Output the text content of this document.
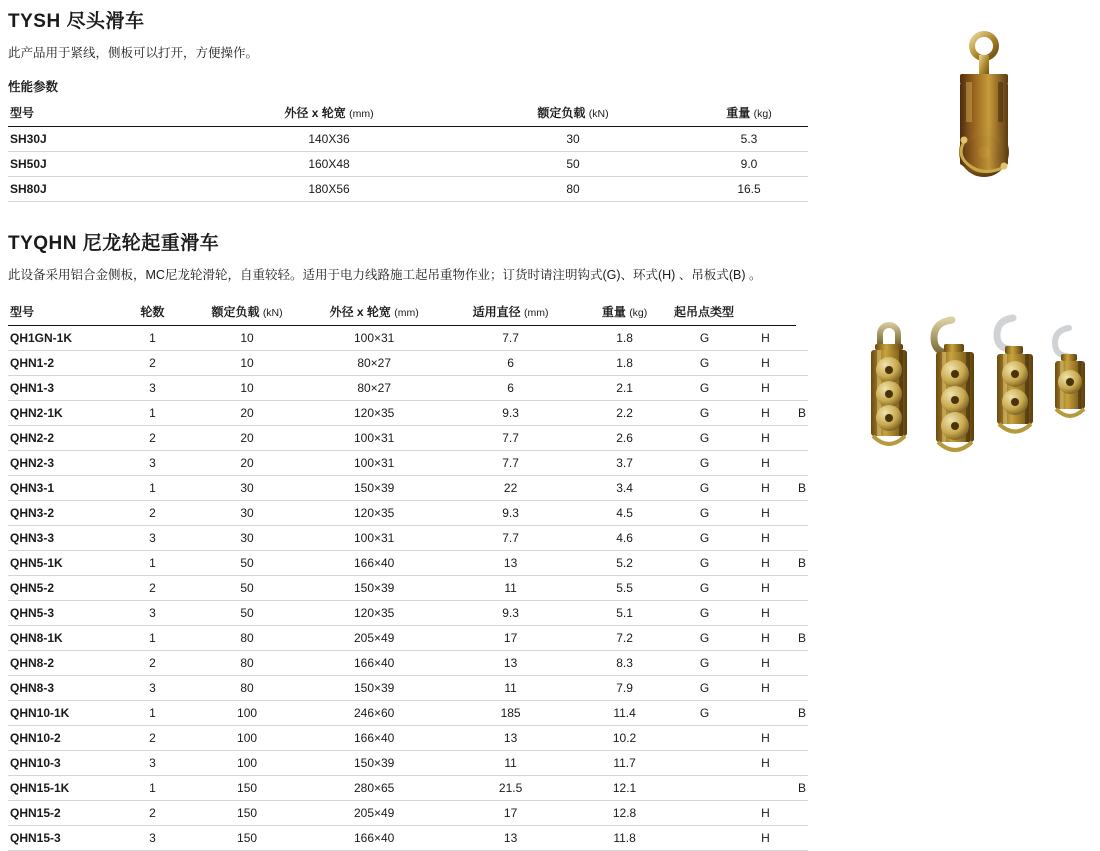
TYSH 尽头滑车

此产品用于紧线，侧板可以打开，方便操作。

性能参数

型号	外径 x 轮宽 (mm)	额定负载 (kN)	重量 (kg)
SH30J	140X36	30	5.3
SH50J	160X48	50	9.0
SH80J	180X56	80	16.5
TYQHN 尼龙轮起重滑车

此设备采用铝合金侧板，MC尼龙轮滑轮，自重较轻。适用于电力线路施工起吊重物作业；订货时请注明钩式(G)、环式(H) 、吊板式(B) 。

型号	轮数	额定负载 (kN)	外径 x 轮宽 (mm)	适用直径 (mm)	重量 (kg)	起吊点类型		
QH1GN-1K	1	10	100×31	7.7	1.8	G	H	
QHN1-2	2	10	80×27	6	1.8	G	H	
QHN1-3	3	10	80×27	6	2.1	G	H	
QHN2-1K	1	20	120×35	9.3	2.2	G	H	B
QHN2-2	2	20	100×31	7.7	2.6	G	H	
QHN2-3	3	20	100×31	7.7	3.7	G	H	
QHN3-1	1	30	150×39	22	3.4	G	H	B
QHN3-2	2	30	120×35	9.3	4.5	G	H	
QHN3-3	3	30	100×31	7.7	4.6	G	H	
QHN5-1K	1	50	166×40	13	5.2	G	H	B
QHN5-2	2	50	150×39	11	5.5	G	H	
QHN5-3	3	50	120×35	9.3	5.1	G	H	
QHN8-1K	1	80	205×49	17	7.2	G	H	B
QHN8-2	2	80	166×40	13	8.3	G	H	
QHN8-3	3	80	150×39	11	7.9	G	H	
QHN10-1K	1	100	246×60	185	11.4	G		B
QHN10-2	2	100	166×40	13	10.2		H	
QHN10-3	3	100	150×39	11	11.7		H	
QHN15-1K	1	150	280×65	21.5	12.1			B
QHN15-2	2	150	205×49	17	12.8		H	
QHN15-3	3	150	166×40	13	11.8		H	
